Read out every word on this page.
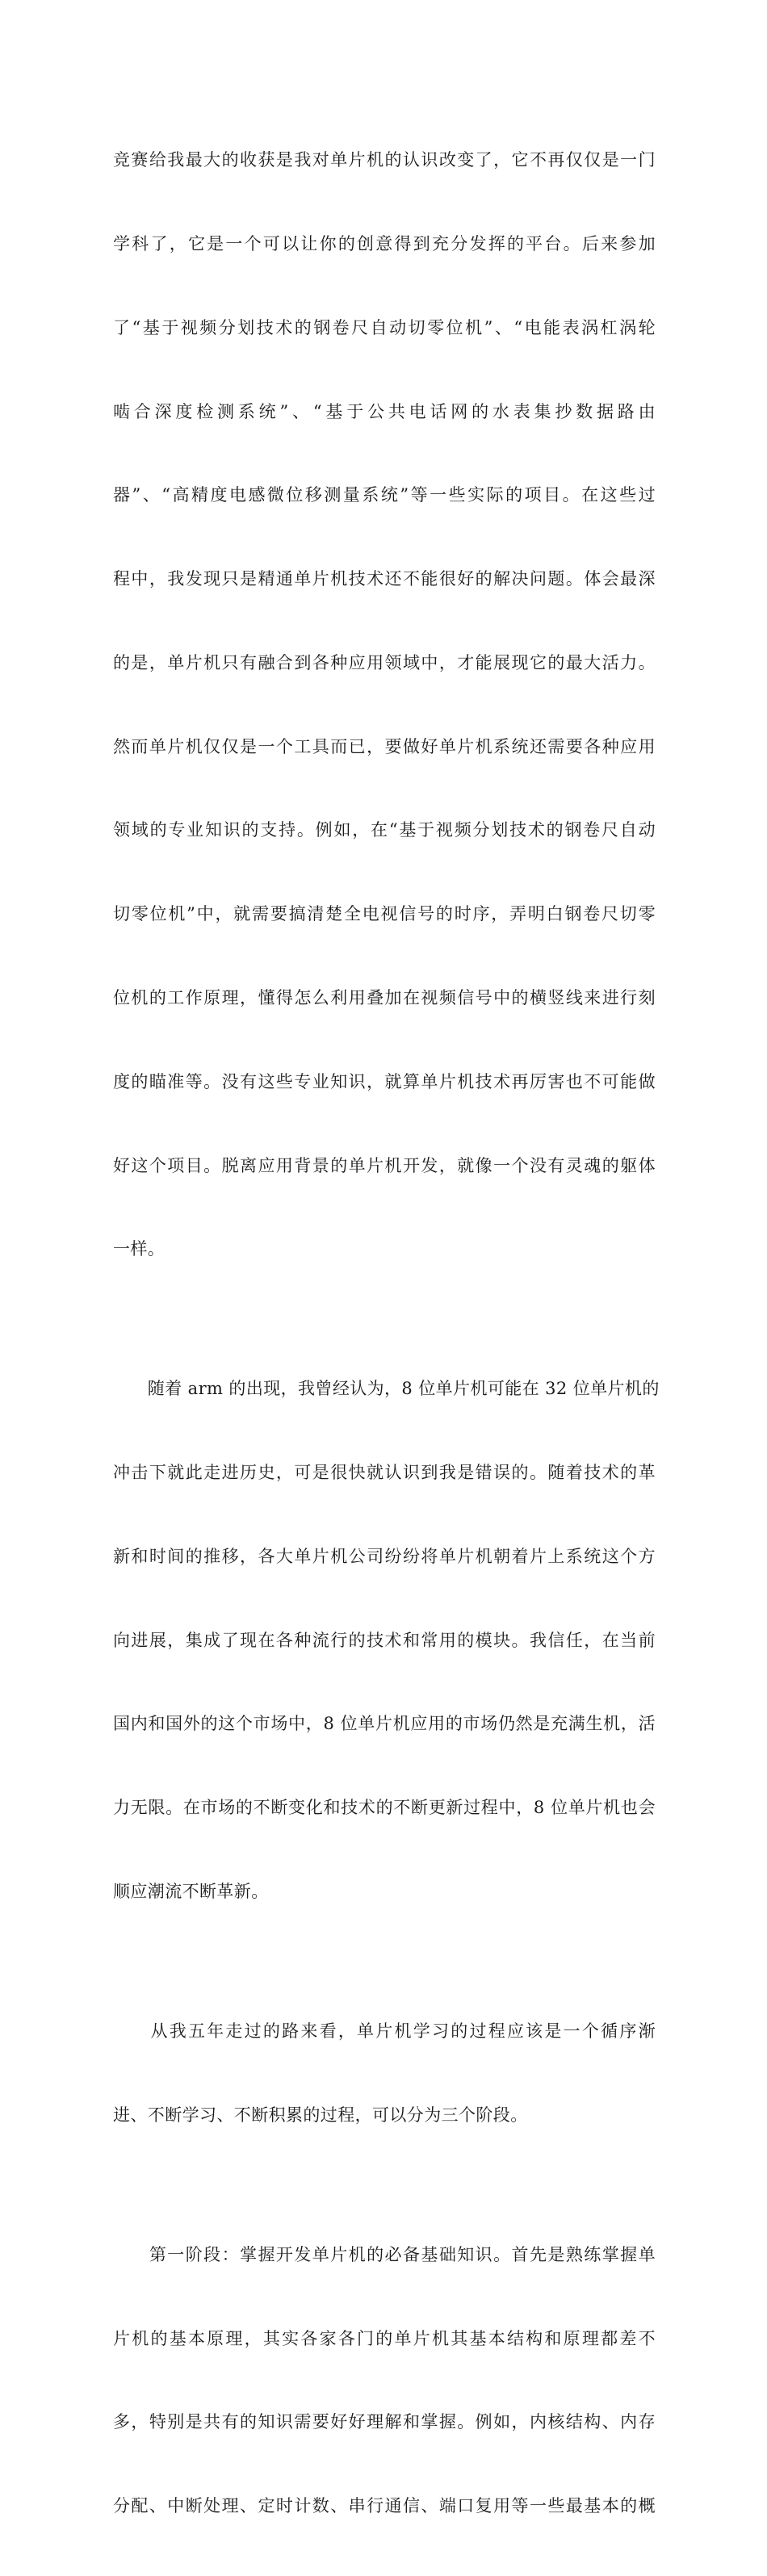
竞赛给我最大的收获是我对单片机的认识改变了，它不再仅仅是一门

学科了，它是一个可以让你的创意得到充分发挥的平台。后来参加

了“基于视频分划技术的钢卷尺自动切零位机”、“电能表涡杠涡轮

啮合深度检测系统”、“基于公共电话网的水表集抄数据路由

器”、“高精度电感微位移测量系统”等一些实际的项目。在这些过

程中，我发现只是精通单片机技术还不能很好的解决问题。体会最深

的是，单片机只有融合到各种应用领域中，才能展现它的最大活力。

然而单片机仅仅是一个工具而已，要做好单片机系统还需要各种应用

领域的专业知识的支持。例如，在“基于视频分划技术的钢卷尺自动

切零位机”中，就需要搞清楚全电视信号的时序，弄明白钢卷尺切零

位机的工作原理，懂得怎么利用叠加在视频信号中的横竖线来进行刻

度的瞄准等。没有这些专业知识，就算单片机技术再厉害也不可能做

好这个项目。脱离应用背景的单片机开发，就像一个没有灵魂的躯体

一样。

　　随着 arm 的出现，我曾经认为，8 位单片机可能在 32 位单片机的

冲击下就此走进历史，可是很快就认识到我是错误的。随着技术的革

新和时间的推移，各大单片机公司纷纷将单片机朝着片上系统这个方

向进展，集成了现在各种流行的技术和常用的模块。我信任，在当前

国内和国外的这个市场中，8 位单片机应用的市场仍然是充满生机，活

力无限。在市场的不断变化和技术的不断更新过程中，8 位单片机也会

顺应潮流不断革新。

　　从我五年走过的路来看，单片机学习的过程应该是一个循序渐

进、不断学习、不断积累的过程，可以分为三个阶段。

　　第一阶段：掌握开发单片机的必备基础知识。首先是熟练掌握单

片机的基本原理，其实各家各门的单片机其基本结构和原理都差不

多，特别是共有的知识需要好好理解和掌握。例如，内核结构、内存

分配、中断处理、定时计数、串行通信、端口复用等一些最基本的概
